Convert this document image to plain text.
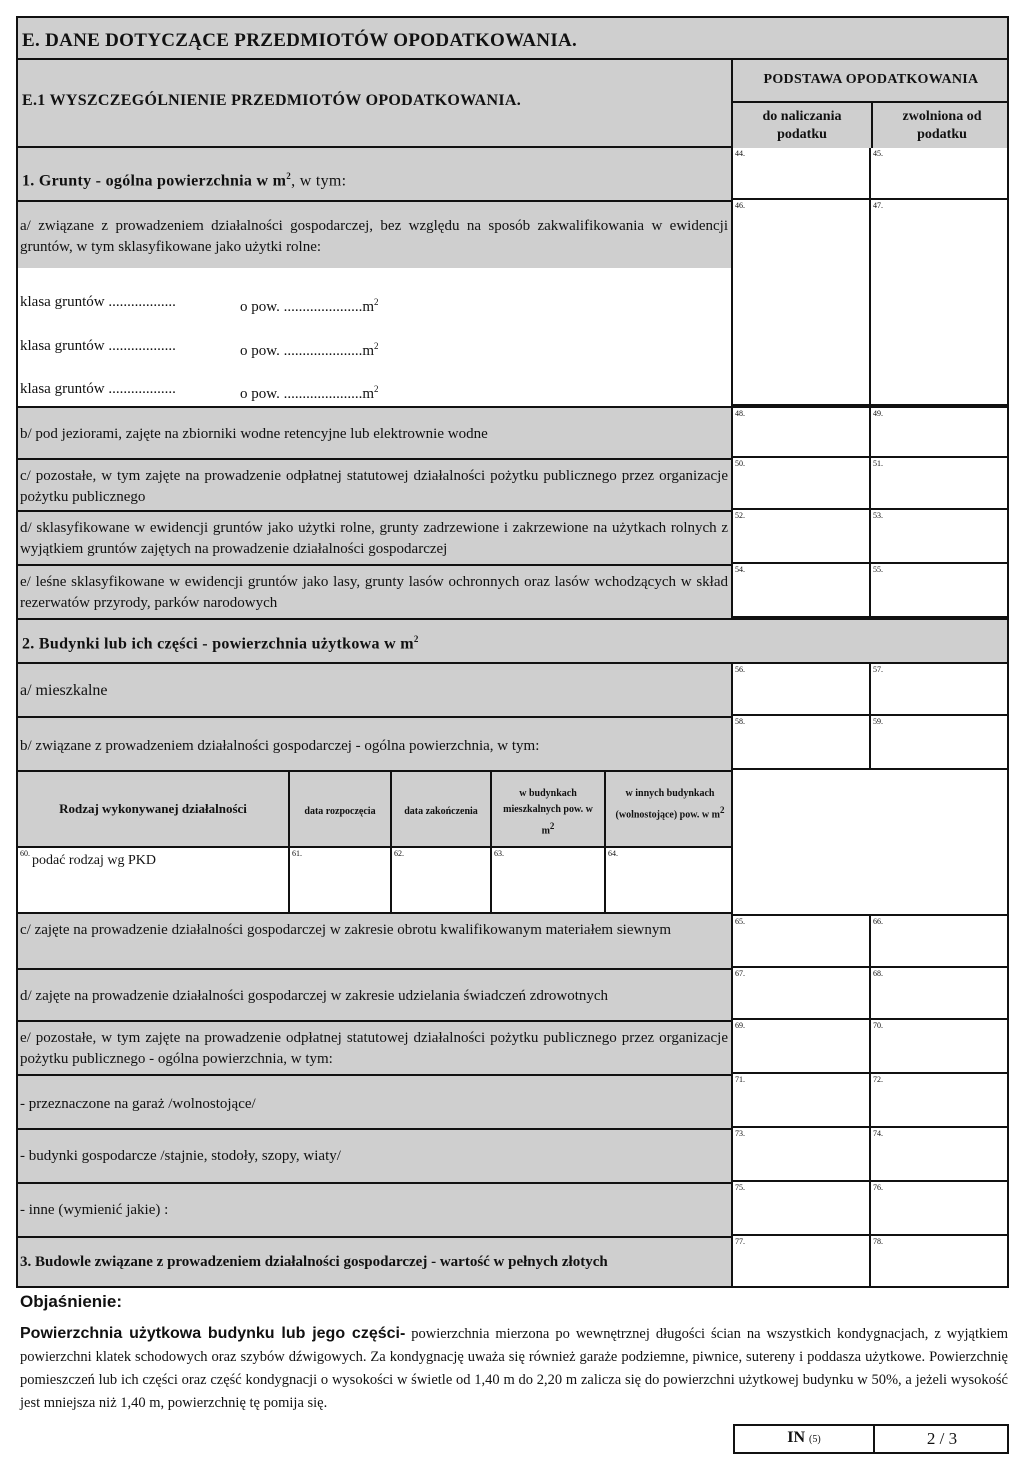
E. DANE DOTYCZĄCE PRZEDMIOTÓW OPODATKOWANIA.
E.1 WYSZCZEGÓLNIENIE PRZEDMIOTÓW OPODATKOWANIA.
PODSTAWA OPODATKOWANIA
do naliczania podatku
zwolniona od podatku
1. Grunty - ogólna powierzchnia w $m^2$, w tym:
a/ związane z prowadzeniem działalności gospodarczej, bez względu na sposób zakwalifikowania w ewidencji gruntów, w tym sklasyfikowane jako użytki rolne:
klasa gruntów ..................	o pow. $.....................m^2$
klasa gruntów ..................	o pow. $.....................m^2$
klasa gruntów ..................	o pow. $.....................m^2$
44.	45.
46.	47.
b/ pod jeziorami, zajęte na zbiorniki wodne retencyjne lub elektrownie wodne
48.	49.
c/ pozostałe, w tym zajęte na prowadzenie odpłatnej statutowej działalności pożytku publicznego przez organizacje pożytku publicznego
50.	51.
d/ sklasyfikowane w ewidencji gruntów jako użytki rolne, grunty zadrzewione i zakrzewione na użytkach rolnych z wyjątkiem gruntów zajętych na prowadzenie działalności gospodarczej
52.	53.
e/ leśne sklasyfikowane w ewidencji gruntów jako lasy, grunty lasów ochronnych oraz lasów wchodzących w skład rezerwatów przyrody, parków narodowych
54.	55.
2. Budynki lub ich części - powierzchnia użytkowa w $m^2$
a/ mieszkalne
56.	57.
b/ związane z prowadzeniem działalności gospodarczej - ogólna powierzchnia, w tym:
58.	59.
Rodzaj wykonywanej działalności	data rozpoczęcia	data zakończenia
w budynkach mieszkalnych pow. w $m^2$
w innych budynkach (wolnostojące) pow. w $m^2$
60. podać rodzaj wg PKD	61.	62.	63.	64.
c/ zajęte na prowadzenie działalności gospodarczej w zakresie obrotu kwalifikowanym materiałem siewnym
65.	66.
d/ zajęte na prowadzenie działalności gospodarczej w zakresie udzielania świadczeń zdrowotnych
67.	68.
e/ pozostałe, w tym zajęte na prowadzenie odpłatnej statutowej działalności pożytku publicznego przez organizacje pożytku publicznego - ogólna powierzchnia, w tym:
69.	70.
- przeznaczone na garaż /wolnostojące/
71.	72.
- budynki gospodarcze /stajnie, stodoły, szopy, wiaty/
73.	74.
- inne (wymienić jakie) :
75.	76.
3. Budowle związane z prowadzeniem działalności gospodarczej - wartość w pełnych złotych
77.	78.
Objaśnienie:
Powierzchnia użytkowa budynku lub jego części- powierzchnia mierzona po wewnętrznej długości ścian na wszystkich kondygnacjach, z wyjątkiem powierzchni klatek schodowych oraz szybów dźwigowych. Za kondygnację uważa się również garaże podziemne, piwnice, sutereny i poddasza użytkowe. Powierzchnię pomieszczeń lub ich części oraz część kondygnacji o wysokości w świetle od 1,40 m do 2,20 m zalicza się do powierzchni użytkowej budynku w 50%, a jeżeli wysokość jest mniejsza niż 1,40 m, powierzchnię tę pomija się.
IN (5)	2 / 3
